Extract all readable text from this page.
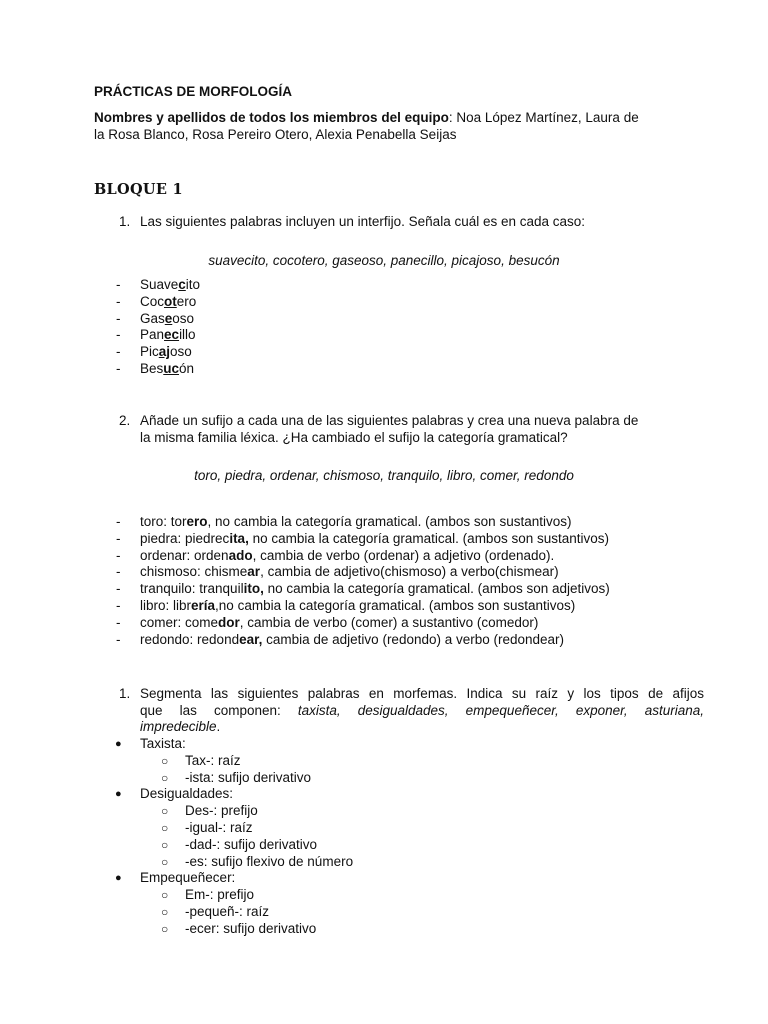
PRÁCTICAS DE MORFOLOGÍA
Nombres y apellidos de todos los miembros del equipo: Noa López Martínez, Laura de
la Rosa Blanco, Rosa Pereiro Otero, Alexia Penabella Seijas
BLOQUE 1
1. Las siguientes palabras incluyen un interfijo. Señala cuál es en cada caso:
suavecito, cocotero, gaseoso, panecillo, picajoso, besucón
- Suavecito
- Cocotero
- Gaseoso
- Panecillo
- Picajoso
- Besucón
2. Añade un sufijo a cada una de las siguientes palabras y crea una nueva palabra de
la misma familia léxica. ¿Ha cambiado el sufijo la categoría gramatical?
toro, piedra, ordenar, chismoso, tranquilo, libro, comer, redondo
- toro: torero, no cambia la categoría gramatical. (ambos son sustantivos)
- piedra: piedrecita, no cambia la categoría gramatical. (ambos son sustantivos)
- ordenar: ordenado, cambia de verbo (ordenar) a adjetivo (ordenado).
- chismoso: chismear, cambia de adjetivo(chismoso) a verbo(chismear)
- tranquilo: tranquilito, no cambia la categoría gramatical. (ambos son adjetivos)
- libro: librería,no cambia la categoría gramatical. (ambos son sustantivos)
- comer: comedor, cambia de verbo (comer) a sustantivo (comedor)
- redondo: redondear, cambia de adjetivo (redondo) a verbo (redondear)
1. Segmenta las siguientes palabras en morfemas. Indica su raíz y los tipos de afijos
que las componen: taxista, desigualdades, empequeñecer, exponer, asturiana,
impredecible.
● Taxista:
○ Tax-: raíz
○ -ista: sufijo derivativo
● Desigualdades:
○ Des-: prefijo
○ -igual-: raíz
○ -dad-: sufijo derivativo
○ -es: sufijo flexivo de número
● Empequeñecer:
○ Em-: prefijo
○ -pequeñ-: raíz
○ -ecer: sufijo derivativo
